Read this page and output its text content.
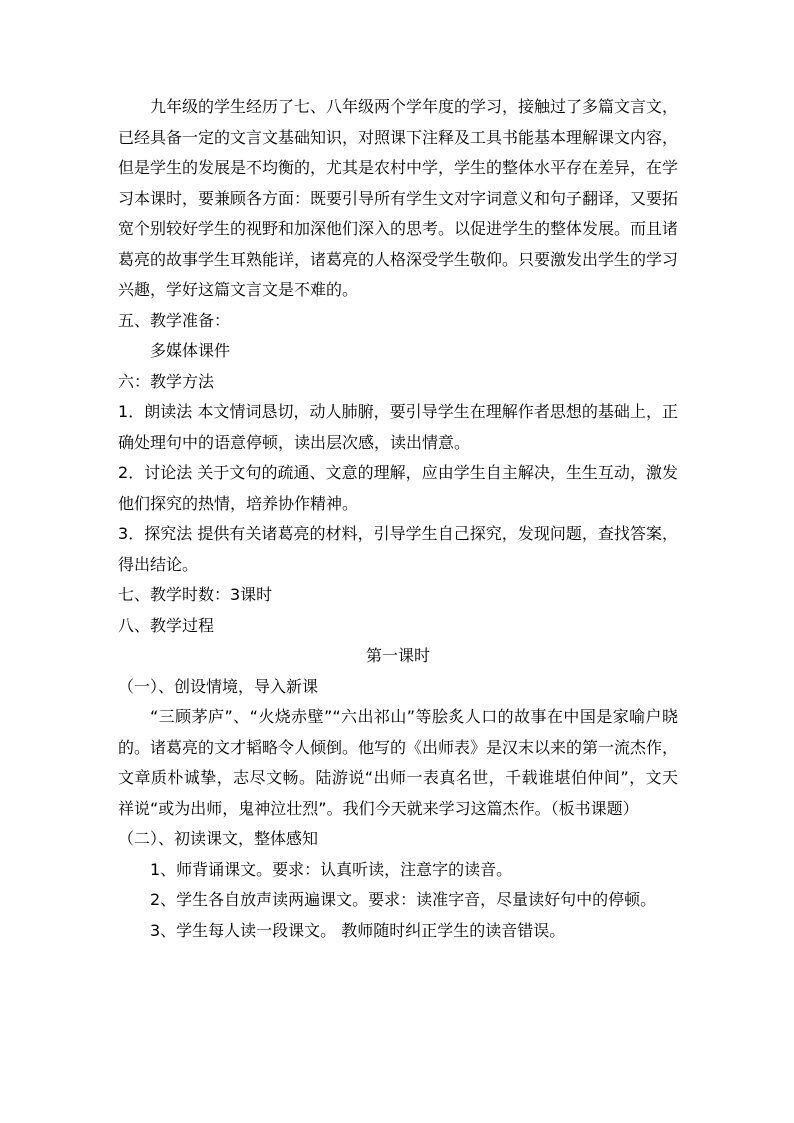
九年级的学生经历了七、八年级两个学年度的学习，接触过了多篇文言文，已经具备一定的文言文基础知识，对照课下注释及工具书能基本理解课文内容，但是学生的发展是不均衡的，尤其是农村中学，学生的整体水平存在差异，在学习本课时，要兼顾各方面：既要引导所有学生文对字词意义和句子翻译，又要拓宽个别较好学生的视野和加深他们深入的思考。以促进学生的整体发展。而且诸葛亮的故事学生耳熟能详，诸葛亮的人格深受学生敬仰。只要激发出学生的学习兴趣，学好这篇文言文是不难的。

五、教学准备：

多媒体课件

六：教学方法

1．朗读法 本文情词恳切，动人肺腑，要引导学生在理解作者思想的基础上，正确处理句中的语意停顿，读出层次感，读出情意。

2．讨论法 关于文句的疏通、文意的理解，应由学生自主解决，生生互动，激发他们探究的热情，培养协作精神。

3．探究法 提供有关诸葛亮的材料，引导学生自己探究，发现问题，查找答案，得出结论。

七、教学时数：3课时

八、教学过程

第一课时

（一）、创设情境，导入新课

“三顾茅庐”、“火烧赤壁”“六出祁山”等脍炙人口的故事在中国是家喻户晓的。诸葛亮的文才韬略令人倾倒。他写的《出师表》是汉末以来的第一流杰作，文章质朴诚挚，志尽文畅。陆游说“出师一表真名世，千载谁堪伯仲间”，文天祥说“或为出师，鬼神泣壮烈”。我们今天就来学习这篇杰作。（板书课题）

（二）、初读课文，整体感知

1、师背诵课文。要求：认真听读，注意字的读音。

2、学生各自放声读两遍课文。要求：读准字音，尽量读好句中的停顿。

3、学生每人读一段课文。 教师随时纠正学生的读音错误。
